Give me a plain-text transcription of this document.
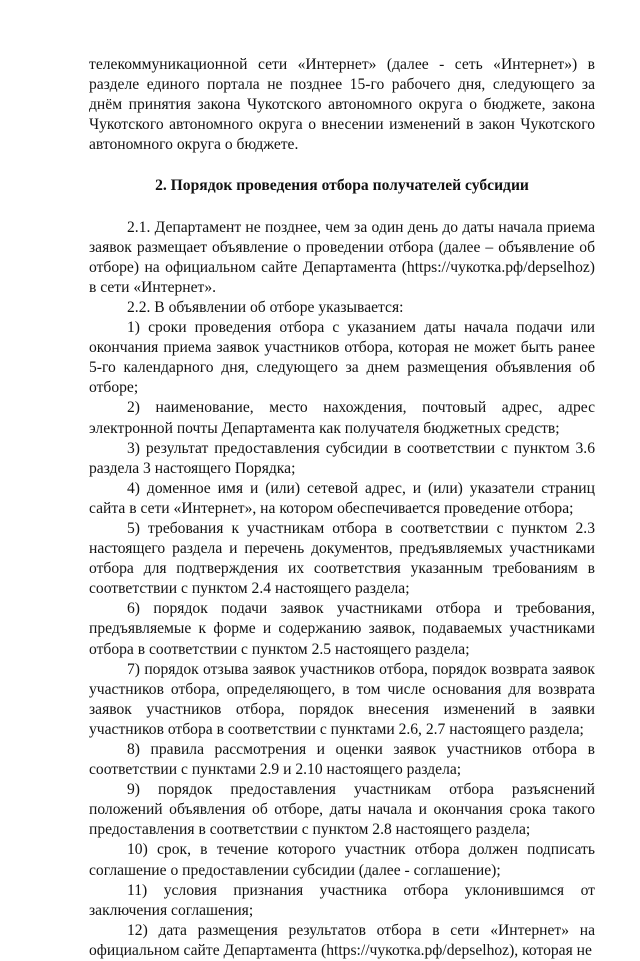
телекоммуникационной сети «Интернет» (далее - сеть «Интернет») в разделе единого портала не позднее 15-го рабочего дня, следующего за днём принятия закона Чукотского автономного округа о бюджете, закона Чукотского автономного округа о внесении изменений в закон Чукотского автономного округа о бюджете.

2. Порядок проведения отбора получателей субсидии

2.1. Департамент не позднее, чем за один день до даты начала приема заявок размещает объявление о проведении отбора (далее – объявление об отборе) на официальном сайте Департамента (https://чукотка.рф/depselhoz) в сети «Интернет».

2.2. В объявлении об отборе указывается:

1) сроки проведения отбора с указанием даты начала подачи или окончания приема заявок участников отбора, которая не может быть ранее 5-го календарного дня, следующего за днем размещения объявления об отборе;

2) наименование, место нахождения, почтовый адрес, адрес электронной почты Департамента как получателя бюджетных средств;

3) результат предоставления субсидии в соответствии с пунктом 3.6 раздела 3 настоящего Порядка;

4) доменное имя и (или) сетевой адрес, и (или) указатели страниц сайта в сети «Интернет», на котором обеспечивается проведение отбора;

5) требования к участникам отбора в соответствии с пунктом 2.3 настоящего раздела и перечень документов, предъявляемых участниками отбора для подтверждения их соответствия указанным требованиям в соответствии с пунктом 2.4 настоящего раздела;

6) порядок подачи заявок участниками отбора и требования, предъявляемые к форме и содержанию заявок, подаваемых участниками отбора в соответствии с пунктом 2.5 настоящего раздела;

7) порядок отзыва заявок участников отбора, порядок возврата заявок участников отбора, определяющего, в том числе основания для возврата заявок участников отбора, порядок внесения изменений в заявки участников отбора в соответствии с пунктами 2.6, 2.7 настоящего раздела;

8) правила рассмотрения и оценки заявок участников отбора в соответствии с пунктами 2.9 и 2.10 настоящего раздела;

9) порядок предоставления участникам отбора разъяснений положений объявления об отборе, даты начала и окончания срока такого предоставления в соответствии с пунктом 2.8 настоящего раздела;

10) срок, в течение которого участник отбора должен подписать соглашение о предоставлении субсидии (далее - соглашение);

11) условия признания участника отбора уклонившимся от заключения соглашения;

12) дата размещения результатов отбора в сети «Интернет» на официальном сайте Департамента (https://чукотка.рф/depselhoz), которая не
